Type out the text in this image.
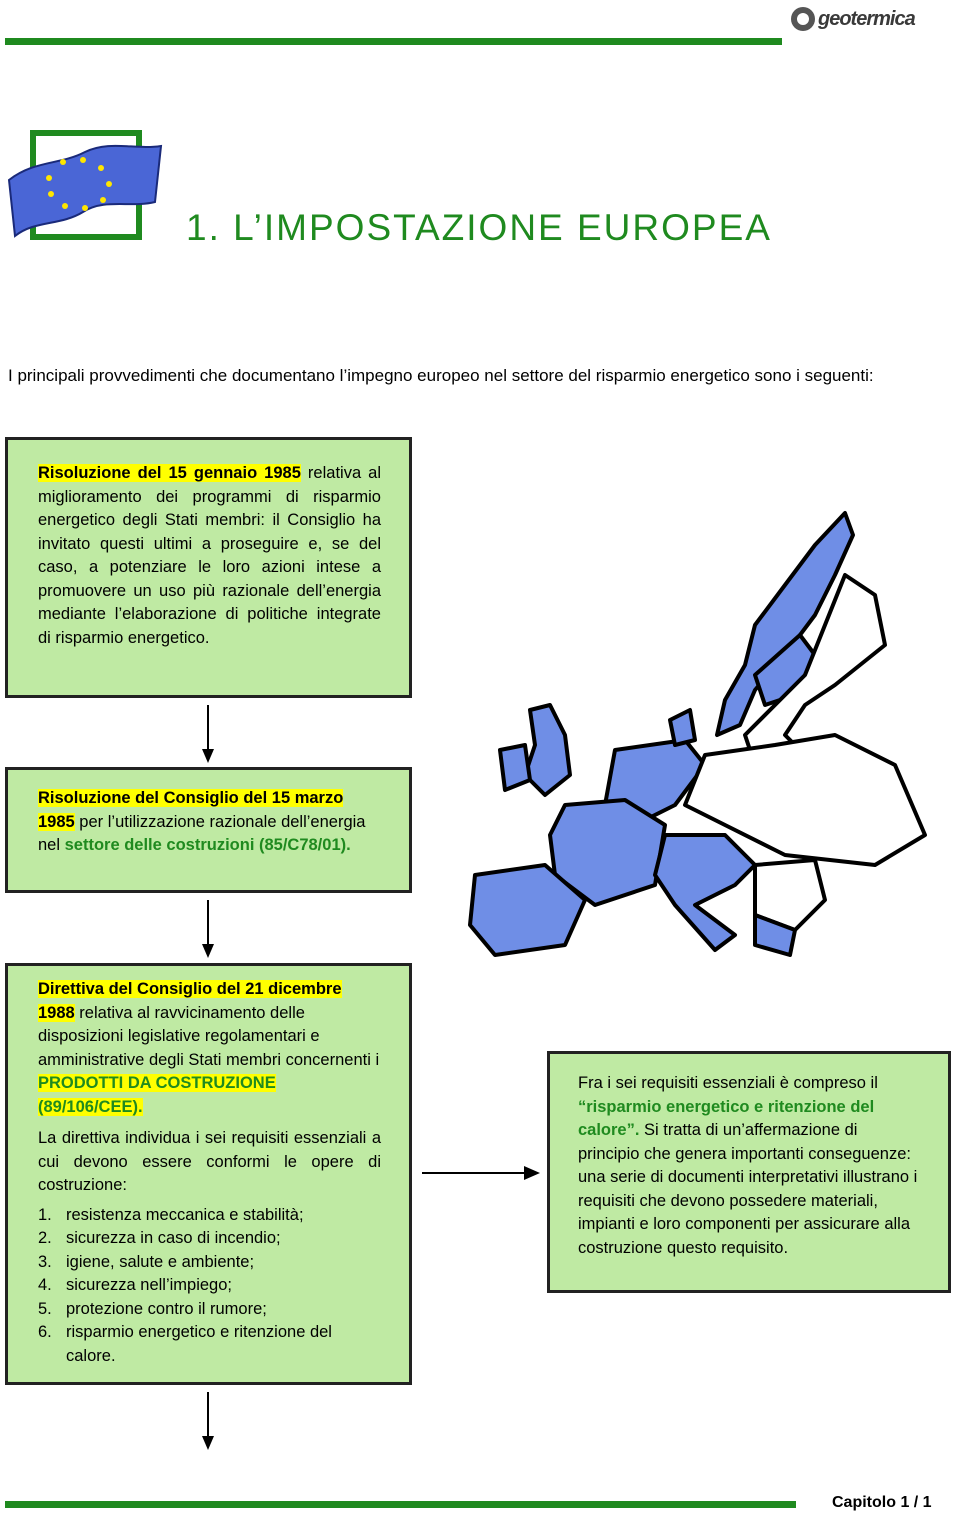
geotermica
1. L’IMPOSTAZIONE EUROPEA
I principali provvedimenti che documentano l’impegno europeo nel settore del risparmio energetico sono i seguenti:
Risoluzione del 15 gennaio 1985 relativa al miglioramento dei programmi di risparmio energetico degli Stati membri: il Consiglio ha invitato questi ultimi a proseguire e, se del caso, a potenziare le loro azioni intese a promuovere un uso più razionale dell’energia mediante l’elaborazione di politiche integrate di risparmio energetico.
Risoluzione del Consiglio del 15 marzo 1985 per l’utilizzazione razionale dell’energia nel settore delle costruzioni (85/C78/01).
Direttiva del Consiglio del 21 dicembre 1988 relativa al ravvicinamento delle disposizioni legislative regolamentari e amministrative degli Stati membri concernenti i PRODOTTI DA COSTRUZIONE (89/106/CEE).
La direttiva individua i sei requisiti essenziali a cui devono essere conformi le opere di costruzione:
1. resistenza meccanica e stabilità;
2. sicurezza in caso di incendio;
3. igiene, salute e ambiente;
4. sicurezza nell’impiego;
5. protezione contro il rumore;
6. risparmio energetico e ritenzione del calore.
Fra i sei requisiti essenziali è compreso il “risparmio energetico e ritenzione del calore”. Si tratta di un’affermazione di principio che genera importanti conseguenze: una serie di documenti interpretativi illustrano i requisiti che devono possedere materiali, impianti e loro componenti per assicurare alla costruzione questo requisito.
Capitolo 1 / 1
